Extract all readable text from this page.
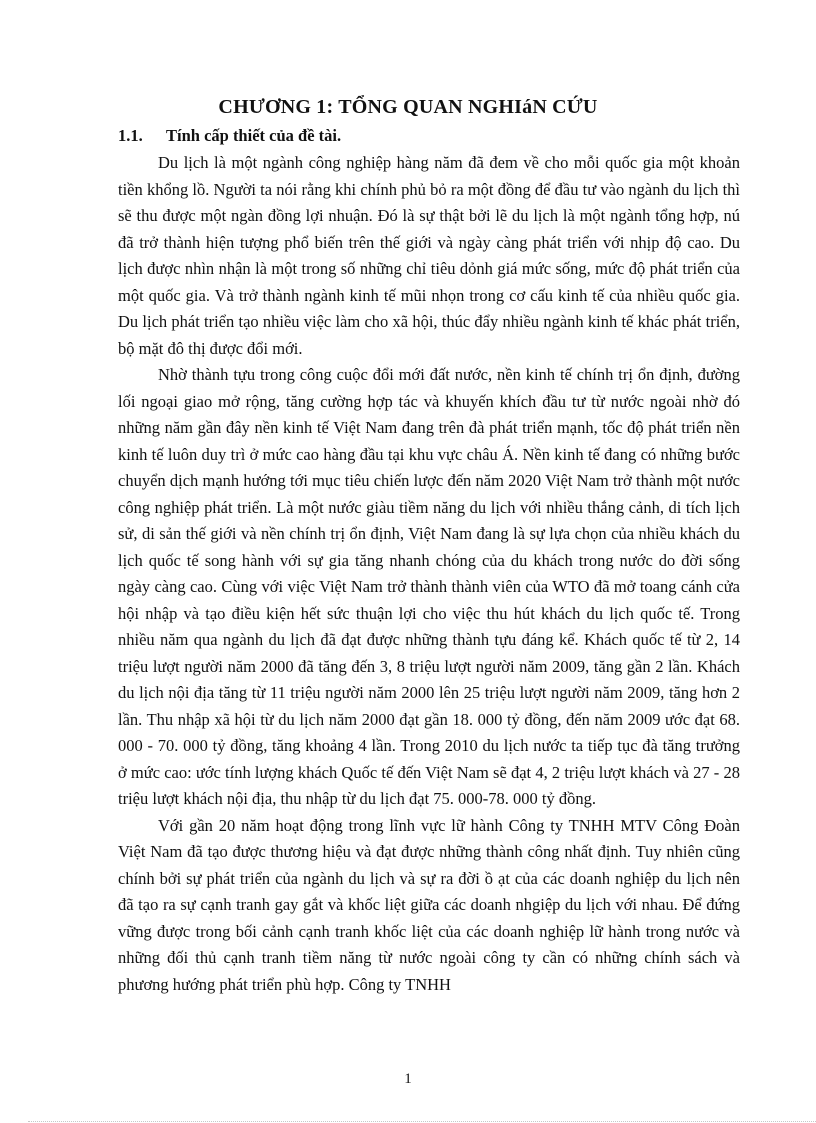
CHƯƠNG 1: TỔNG QUAN NGHIáN CỨU
1.1. Tính cấp thiết của đề tài.

Du lịch là một ngành công nghiệp hàng năm đã đem về cho mỗi quốc gia một khoản tiền khổng lồ. Người ta nói rằng khi chính phủ bỏ ra một đồng để đầu tư vào ngành du lịch thì sẽ thu được một ngàn đồng lợi nhuận. Đó là sự thật bởi lẽ du lịch là một ngành tổng hợp, nú đã trở thành hiện tượng phổ biến trên thế giới và ngày càng phát triển với nhịp độ cao. Du lịch được nhìn nhận là một trong số những chỉ tiêu dỏnh giá mức sống, mức độ phát triển của một quốc gia. Và trở thành ngành kinh tế mũi nhọn trong cơ cấu kinh tế của nhiều quốc gia. Du lịch phát triển tạo nhiều việc làm cho xã hội, thúc đẩy nhiều ngành kinh tế khác phát triển, bộ mặt đô thị được đổi mới.

Nhờ thành tựu trong công cuộc đổi mới đất nước, nền kinh tế chính trị ổn định, đường lối ngoại giao mở rộng, tăng cường hợp tác và khuyến khích đầu tư từ nước ngoài nhờ đó những năm gần đây nền kinh tế Việt Nam đang trên đà phát triển mạnh, tốc độ phát triển nền kinh tế luôn duy trì ở mức cao hàng đầu tại khu vực châu Á. Nền kinh tế đang có những bước chuyển dịch mạnh hướng tới mục tiêu chiến lược đến năm 2020 Việt Nam trở thành một nước công nghiệp phát triển. Là một nước giàu tiềm năng du lịch với nhiều thắng cảnh, di tích lịch sử, di sản thế giới và nền chính trị ổn định, Việt Nam đang là sự lựa chọn của nhiều khách du lịch quốc tế song hành với sự gia tăng nhanh chóng của du khách trong nước do đời sống ngày càng cao. Cùng với việc Việt Nam trở thành thành viên của WTO đã mở toang cánh cửa hội nhập và tạo điều kiện hết sức thuận lợi cho việc thu hút khách du lịch quốc tế. Trong nhiều năm qua ngành du lịch đã đạt được những thành tựu đáng kể. Khách quốc tế từ 2, 14 triệu lượt người năm 2000 đã tăng đến 3, 8 triệu lượt người năm 2009, tăng gần 2 lần. Khách du lịch nội địa tăng từ 11 triệu người năm 2000 lên 25 triệu lượt người năm 2009, tăng hơn 2 lần. Thu nhập xã hội từ du lịch năm 2000 đạt gần 18. 000 tỷ đồng, đến năm 2009 ước đạt 68. 000 - 70. 000 tỷ đồng, tăng khoảng 4 lần. Trong 2010 du lịch nước ta tiếp tục đà tăng trưởng ở mức cao: ước tính lượng khách Quốc tế đến Việt Nam sẽ đạt 4, 2 triệu lượt khách và 27 - 28 triệu lượt khách nội địa, thu nhập từ du lịch đạt 75. 000-78. 000 tỷ đồng.

Với gần 20 năm hoạt động trong lĩnh vực lữ hành Công ty TNHH MTV Công Đoàn Việt Nam đã tạo được thương hiệu và đạt được những thành công nhất định. Tuy nhiên cũng chính bởi sự phát triển của ngành du lịch và sự ra đời ồ ạt của các doanh nghiệp du lịch nên đã tạo ra sự cạnh tranh gay gắt và khốc liệt giữa các doanh nhgiệp du lịch với nhau. Để đứng vững được trong bối cảnh cạnh tranh khốc liệt của các doanh nghiệp lữ hành trong nước và những đối thủ cạnh tranh tiềm năng từ nước ngoài công ty cần có những chính sách và phương hướng phát triển phù hợp. Công ty TNHH

1
